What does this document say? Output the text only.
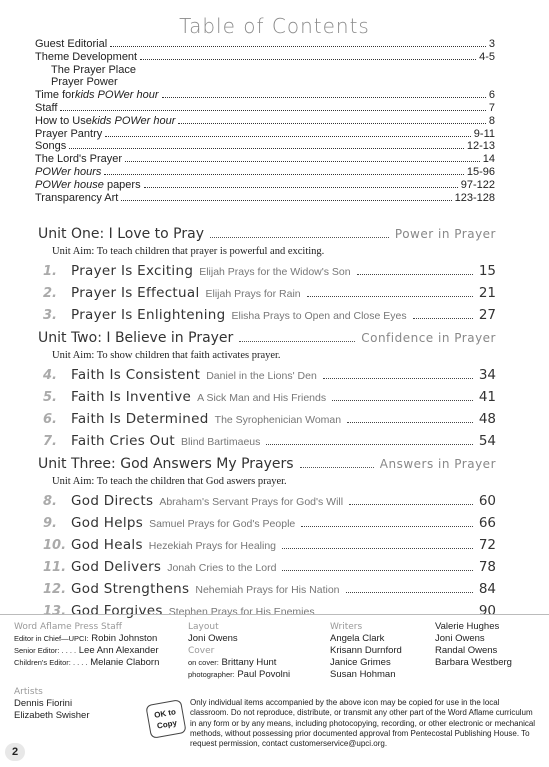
Table of Contents
Guest Editorial	3
Theme Development	4-5
The Prayer Place
Prayer Power
Time for kids POWer hour	6
Staff	7
How to Use kids POWer hour	8
Prayer Pantry	9-11
Songs	12-13
The Lord's Prayer	14
POWer hours	15-96
POWer house papers	97-122
Transparency Art	123-128
Unit One: I Love to Pray	Power in Prayer
Unit Aim: To teach children that prayer is powerful and exciting.
1.	Prayer Is Exciting Elijah Prays for the Widow's Son	15
2.	Prayer Is Effectual Elijah Prays for Rain	21
3.	Prayer Is Enlightening Elisha Prays to Open and Close Eyes	27
Unit Two: I Believe in Prayer	Confidence in Prayer
Unit Aim: To show children that faith activates prayer.
4.	Faith Is Consistent Daniel in the Lions' Den	34
5.	Faith Is Inventive A Sick Man and His Friends	41
6.	Faith Is Determined The Syrophenician Woman	48
7.	Faith Cries Out Blind Bartimaeus	54
Unit Three: God Answers My Prayers	Answers in Prayer
Unit Aim: To teach the children that God aswers prayer.
8.	God Directs Abraham's Servant Prays for God's Will	60
9.	God Helps Samuel Prays for God's People	66
10. God Heals Hezekiah Prays for Healing	72
11. God Delivers Jonah Cries to the Lord	78
12. God Strengthens Nehemiah Prays for His Nation	84
13. God Forgives Stephen Prays for His Enemies	90
Word Aflame Press Staff
Editor in Chief—UPCI: Robin Johnston
Senior Editor: . . . . Lee Ann Alexander
Children's Editor: . . . . Melanie Claborn
Artists
Dennis Fiorini
Elizabeth Swisher
Layout
Joni Owens
Cover
on cover: Brittany Hunt
photographer: Paul Povolni
Writers
Angela Clark
Krisann Durnford
Janice Grimes
Susan Hohman
Valerie Hughes
Joni Owens
Randal Owens
Barbara Westberg
OK to
Copy
Only individual items accompanied by the above icon may be copied for use in the local classroom. Do not reproduce, distribute, or transmit any other part of the Word Aflame curriculum in any form or by any means, including photocopying, recording, or other electronic or mechanical methods, without possessing prior documented approval from Pentecostal Publishing House. To request permission, contact customerservice@upci.org.
2
